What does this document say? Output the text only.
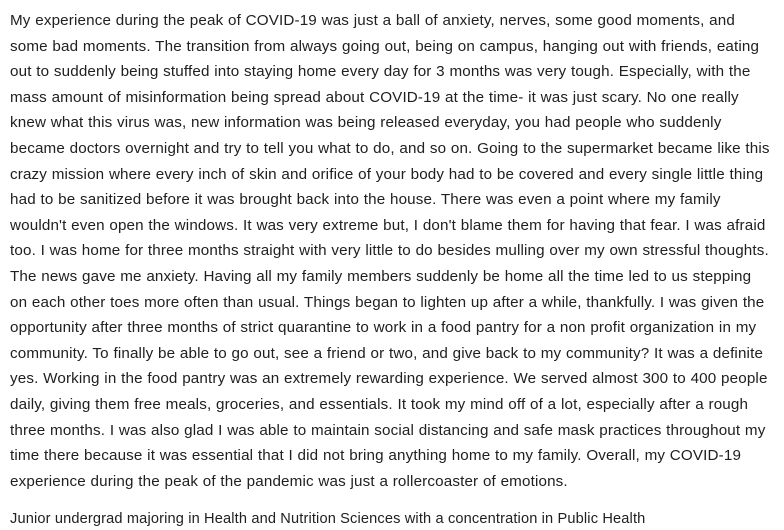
My experience during the peak of COVID-19 was just a ball of anxiety, nerves, some good moments, and some bad moments. The transition from always going out, being on campus, hanging out with friends, eating out to suddenly being stuffed into staying home every day for 3 months was very tough. Especially, with the mass amount of misinformation being spread about COVID-19 at the time- it was just scary. No one really knew what this virus was, new information was being released everyday, you had people who suddenly became doctors overnight and try to tell you what to do, and so on. Going to the supermarket became like this crazy mission where every inch of skin and orifice of your body had to be covered and every single little thing had to be sanitized before it was brought back into the house. There was even a point where my family wouldn't even open the windows. It was very extreme but, I don't blame them for having that fear. I was afraid too. I was home for three months straight with very little to do besides mulling over my own stressful thoughts. The news gave me anxiety. Having all my family members suddenly be home all the time led to us stepping on each other toes more often than usual. Things began to lighten up after a while, thankfully. I was given the opportunity after three months of strict quarantine to work in a food pantry for a non profit organization in my community. To finally be able to go out, see a friend or two, and give back to my community? It was a definite yes. Working in the food pantry was an extremely rewarding experience. We served almost 300 to 400 people daily, giving them free meals, groceries, and essentials. It took my mind off of a lot, especially after a rough three months. I was also glad I was able to maintain social distancing and safe mask practices throughout my time there because it was essential that I did not bring anything home to my family. Overall, my COVID-19 experience during the peak of the pandemic was just a rollercoaster of emotions.

Junior undergrad majoring in Health and Nutrition Sciences with a concentration in Public Health
